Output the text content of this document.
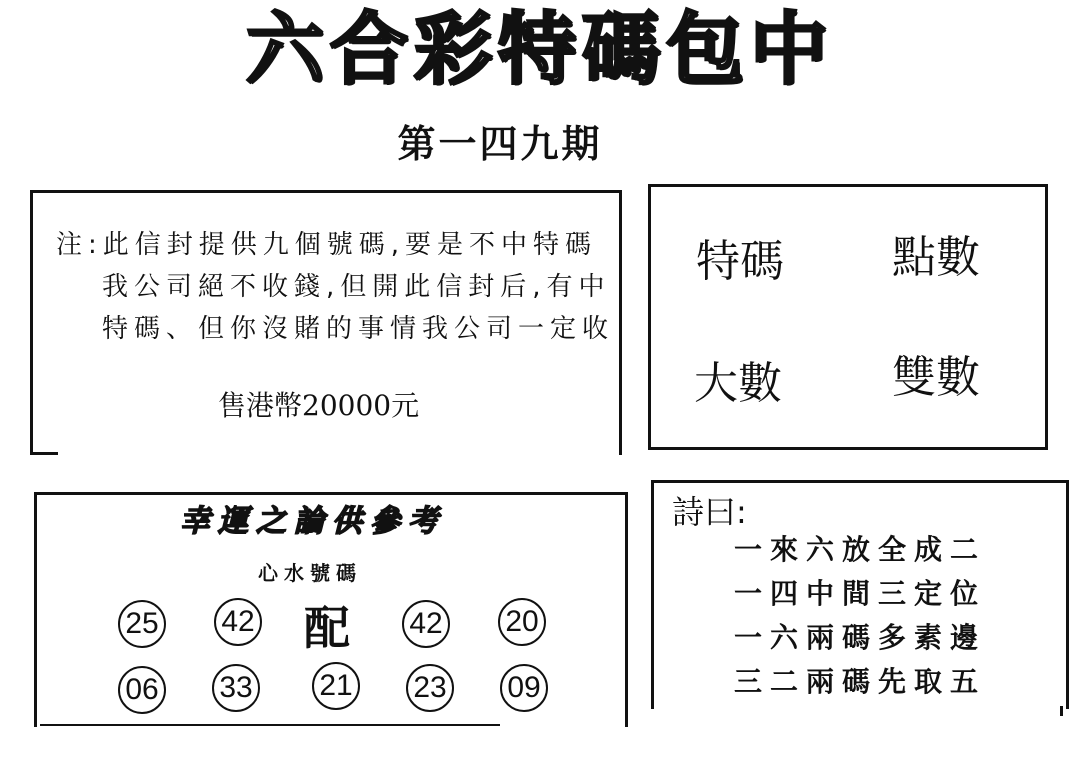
六合彩特碼包中
第一四九期
注:此信封提供九個號碼,要是不中特碼
我公司絕不收錢,但開此信封后,有中
特碼、但你沒賭的事情我公司一定收
售港幣20000元
特碼 點數
大數	雙數
幸運之論供參考
心水號碼
25 42 配 42 20
06 33 21 23 09
詩曰:
一來六放全成二
一四中間三定位
一六兩碼多素邊
三二兩碼先取五
